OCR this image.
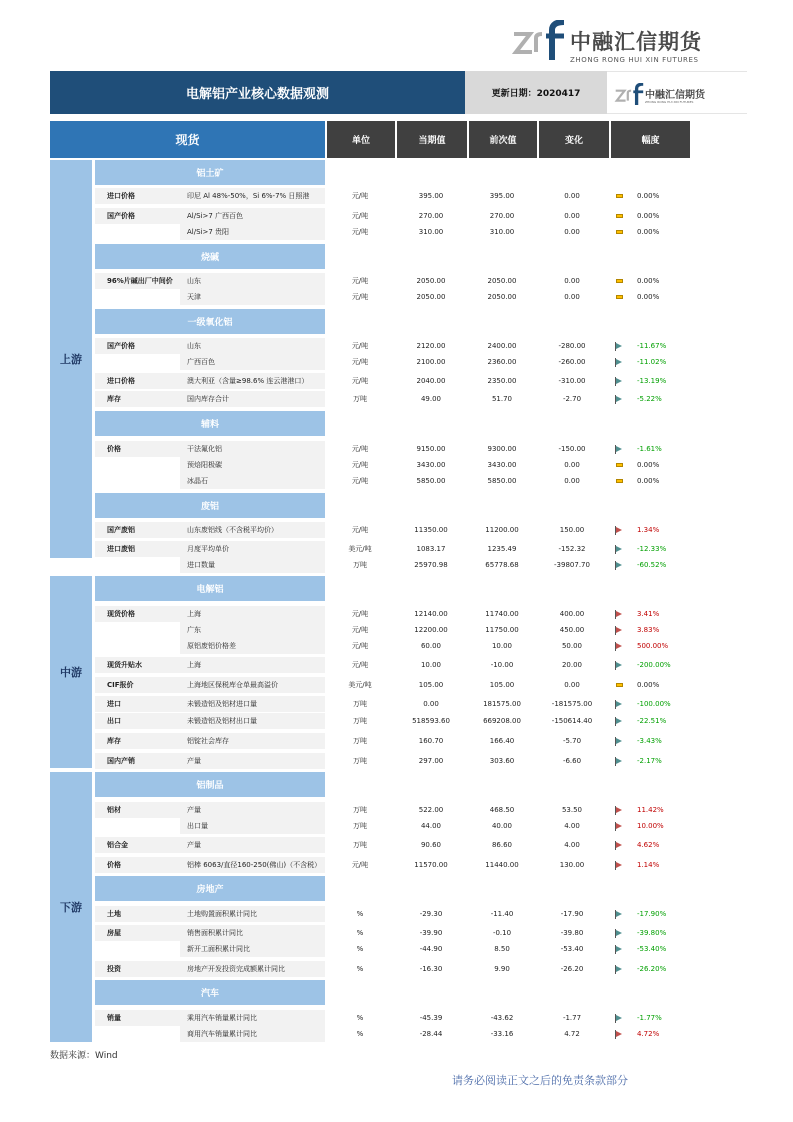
中融汇信期货
ZHONG RONG HUI XIN FUTURES
电解铝产业核心数据观测	更新日期：2020417	中融汇信期货
ZHONG RONG HUI XIN FUTURES
现货	单位	当期值	前次值	变化	幅度
上游
中游
下游
铝土矿
烧碱
一级氧化铝
辅料
废铝
电解铝
铝制品
房地产
汽车
进口价格	印尼 Al 48%-50%，Si 6%-7% 日照港	元/吨	395.00	395.00	0.00	0.00%
国产价格	Al/Si>7 广西百色	元/吨	270.00	270.00	0.00	0.00%
Al/Si>7 贵阳	元/吨	310.00	310.00	0.00	0.00%
96%片碱出厂中间价	山东	元/吨	2050.00	2050.00	0.00	0.00%
天津	元/吨	2050.00	2050.00	0.00	0.00%
国产价格	山东	元/吨	2120.00	2400.00	-280.00	-11.67%
广西百色	元/吨	2100.00	2360.00	-260.00	-11.02%
进口价格	澳大利亚（含量≥98.6% 连云港港口）	元/吨	2040.00	2350.00	-310.00	-13.19%
库存	国内库存合计	万吨	49.00	51.70	-2.70	-5.22%
价格	干法氟化铝	元/吨	9150.00	9300.00	-150.00	-1.61%
预焙阳极碳	元/吨	3430.00	3430.00	0.00	0.00%
冰晶石	元/吨	5850.00	5850.00	0.00	0.00%
国产废铝	山东废铝线（不含税平均价）	元/吨	11350.00	11200.00	150.00	1.34%
进口废铝	月度平均单价	美元/吨	1083.17	1235.49	-152.32	-12.33%
进口数量	万吨	25970.98	65778.68	-39807.70	-60.52%
现货价格	上海	元/吨	12140.00	11740.00	400.00	3.41%
广东	元/吨	12200.00	11750.00	450.00	3.83%
原铝废铝价格差	元/吨	60.00	10.00	50.00	500.00%
现货升贴水	上海	元/吨	10.00	-10.00	20.00	-200.00%
CIF报价	上海地区保税库仓单最高溢价	美元/吨	105.00	105.00	0.00	0.00%
进口	未锻造铝及铝材进口量	万吨	0.00	181575.00	-181575.00	-100.00%
出口	未锻造铝及铝材出口量	万吨	518593.60	669208.00	-150614.40	-22.51%
库存	铝锭社会库存	万吨	160.70	166.40	-5.70	-3.43%
国内产销	产量	万吨	297.00	303.60	-6.60	-2.17%
铝材	产量	万吨	522.00	468.50	53.50	11.42%
出口量	万吨	44.00	40.00	4.00	10.00%
铝合金	产量	万吨	90.60	86.60	4.00	4.62%
价格	铝棒 6063/直径160-250(佛山)（不含税）	元/吨	11570.00	11440.00	130.00	1.14%
土地	土地购置面积累计同比	%	-29.30	-11.40	-17.90	-17.90%
房屋	销售面积累计同比	%	-39.90	-0.10	-39.80	-39.80%
新开工面积累计同比	%	-44.90	8.50	-53.40	-53.40%
投资	房地产开发投资完成额累计同比	%	-16.30	9.90	-26.20	-26.20%
销量	乘用汽车销量累计同比	%	-45.39	-43.62	-1.77	-1.77%
商用汽车销量累计同比	%	-28.44	-33.16	4.72	4.72%
数据来源：Wind
请务必阅读正文之后的免责条款部分
